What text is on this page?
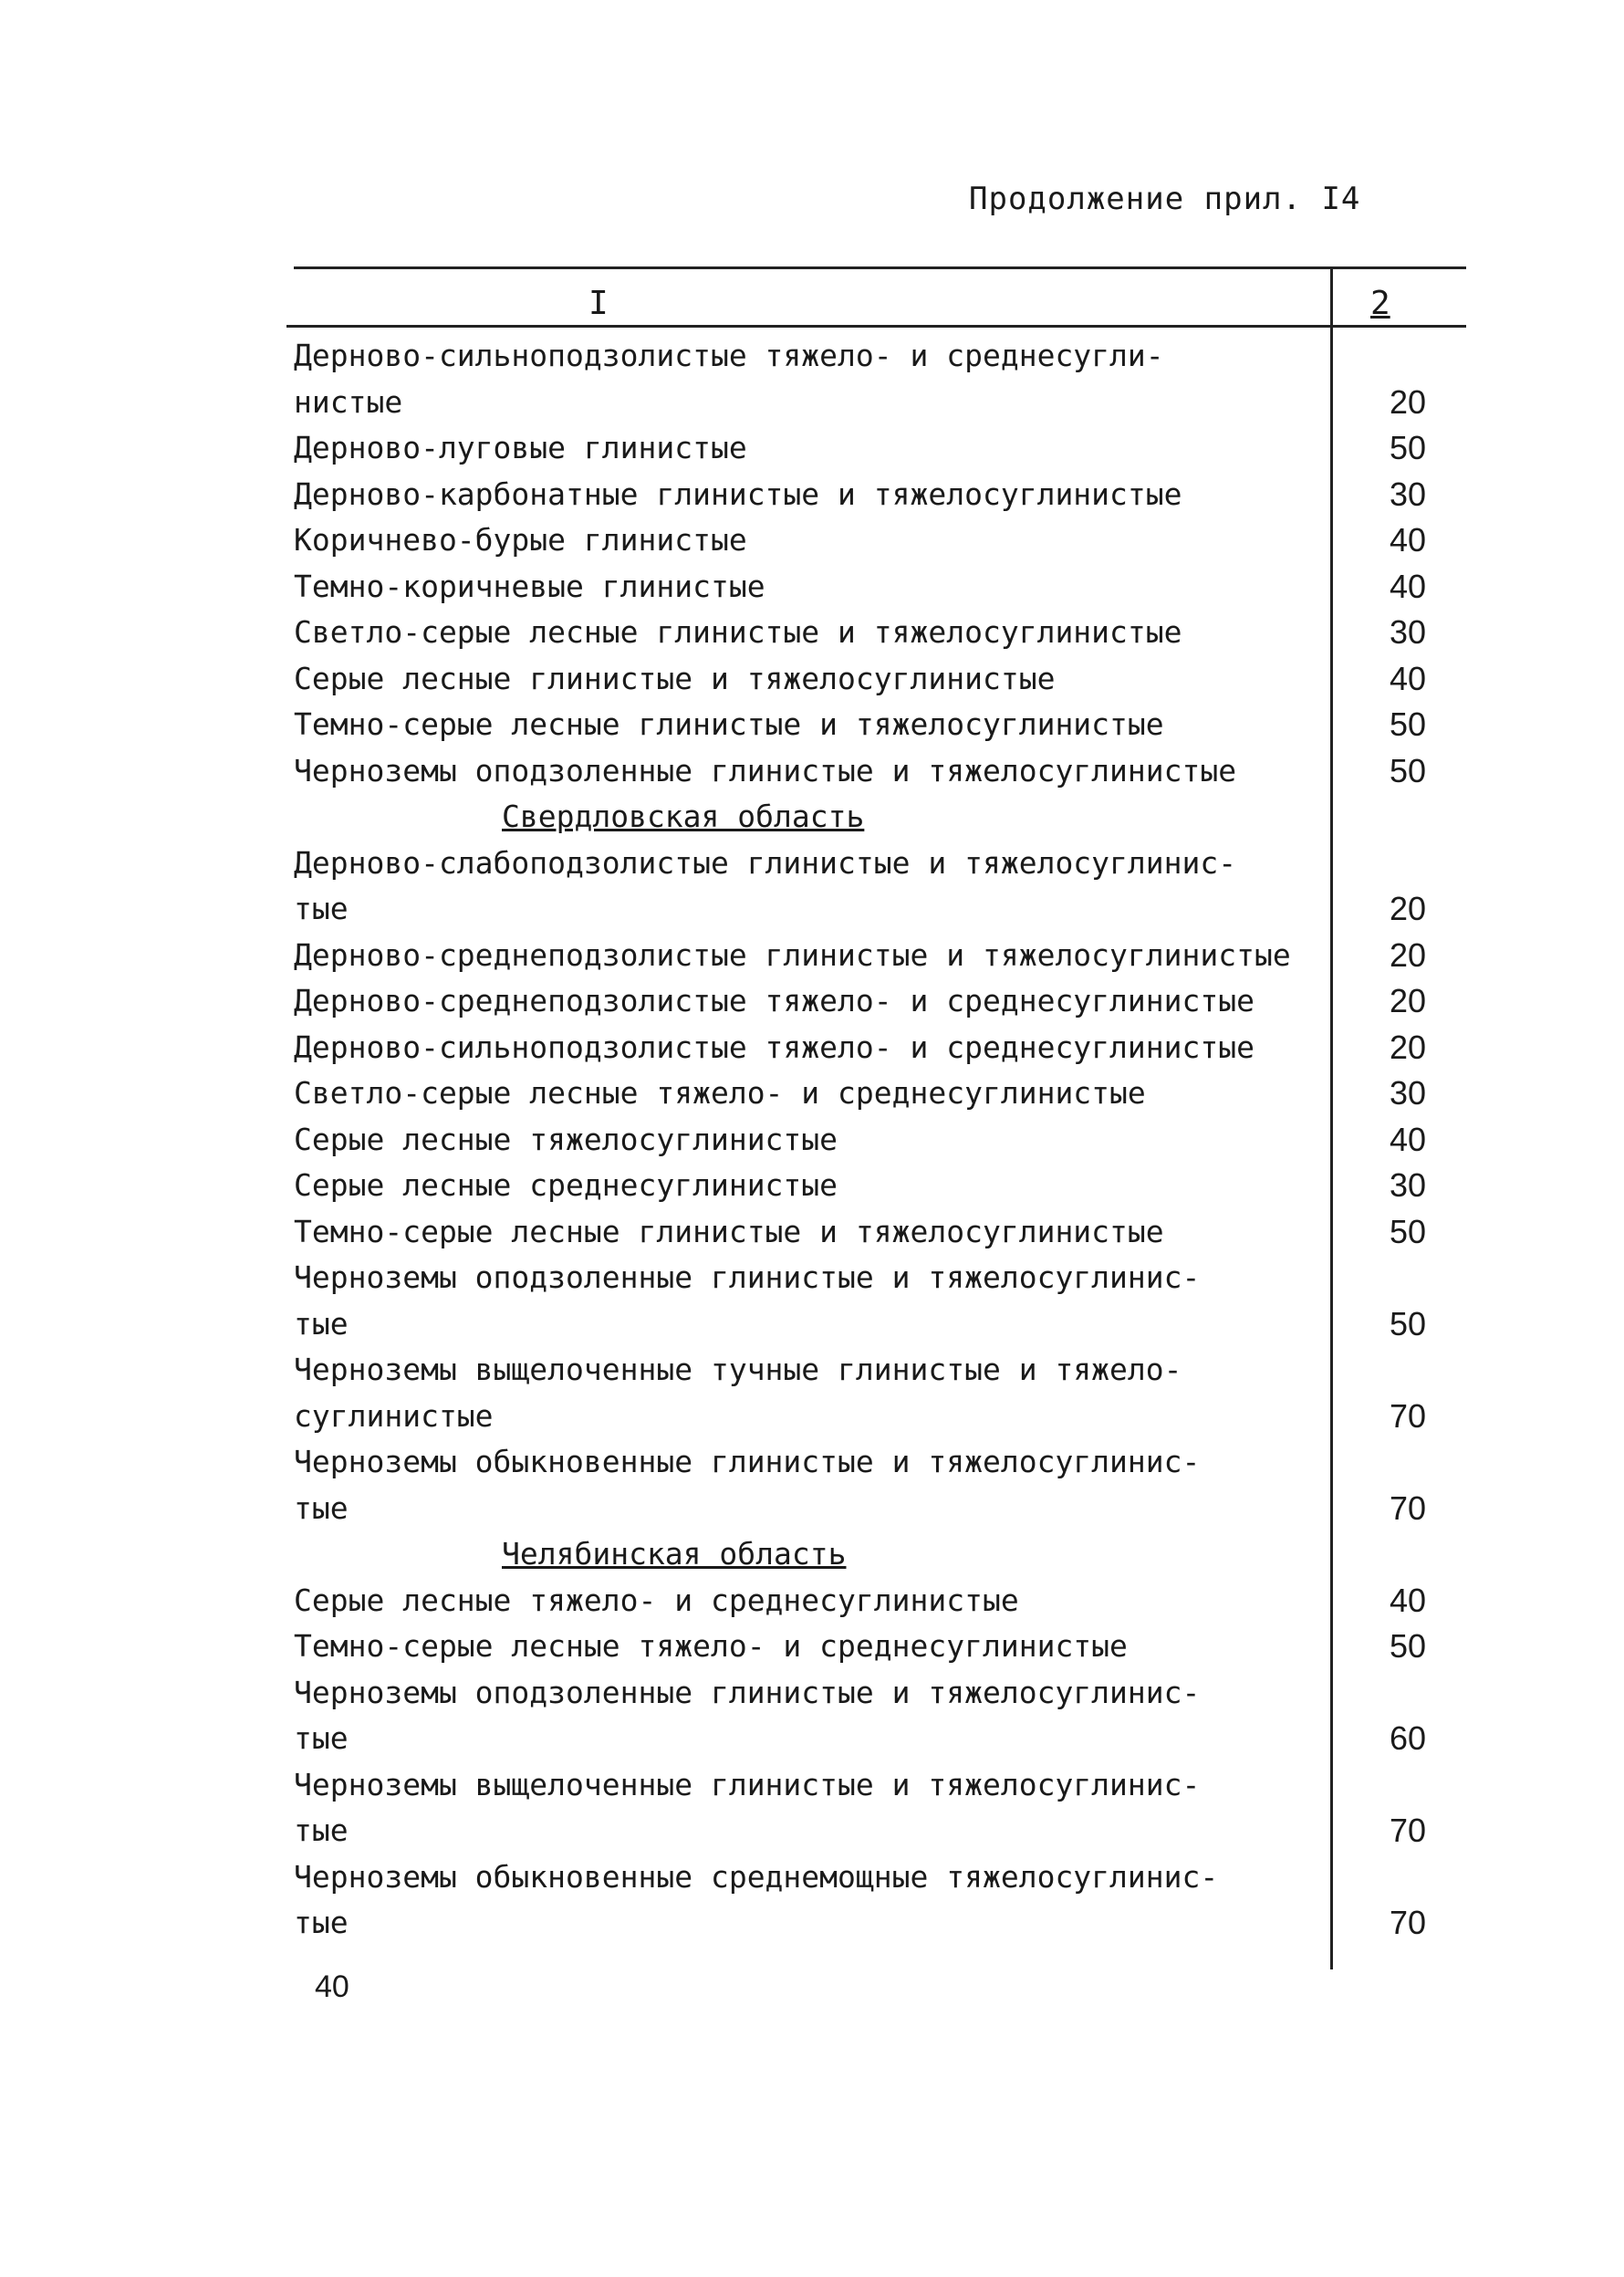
Продолжение прил. I4
I	2
Дерново-сильноподзолистые тяжело- и среднесугли-
нистые	20
Дерново-луговые глинистые	50
Дерново-карбонатные глинистые и тяжелосуглинистые	30
Коричнево-бурые глинистые	40
Темно-коричневые глинистые	40
Светло-серые лесные глинистые и тяжелосуглинистые	30
Серые лесные глинистые и тяжелосуглинистые	40
Темно-серые лесные глинистые и тяжелосуглинистые	50
Черноземы оподзоленные глинистые и тяжелосуглинистые	50
Свердловская область
Дерново-слабоподзолистые глинистые и тяжелосуглинис-
тые	20
Дерново-среднеподзолистые глинистые и тяжелосуглинистые	20
Дерново-среднеподзолистые тяжело- и среднесуглинистые	20
Дерново-сильноподзолистые тяжело- и среднесуглинистые	20
Светло-серые лесные тяжело- и среднесуглинистые	30
Серые лесные тяжелосуглинистые	40
Серые лесные среднесуглинистые	30
Темно-серые лесные глинистые и тяжелосуглинистые	50
Черноземы оподзоленные глинистые и тяжелосуглинис-
тые	50
Черноземы выщелоченные тучные глинистые и тяжело-
суглинистые	70
Черноземы обыкновенные глинистые и тяжелосуглинис-
тые	70
Челябинская область
Серые лесные тяжело- и среднесуглинистые	40
Темно-серые лесные тяжело- и среднесуглинистые	50
Черноземы оподзоленные глинистые и тяжелосуглинис-
тые	60
Черноземы выщелоченные глинистые и тяжелосуглинис-
тые	70
Черноземы обыкновенные среднемощные тяжелосуглинис-
тые	70
40
